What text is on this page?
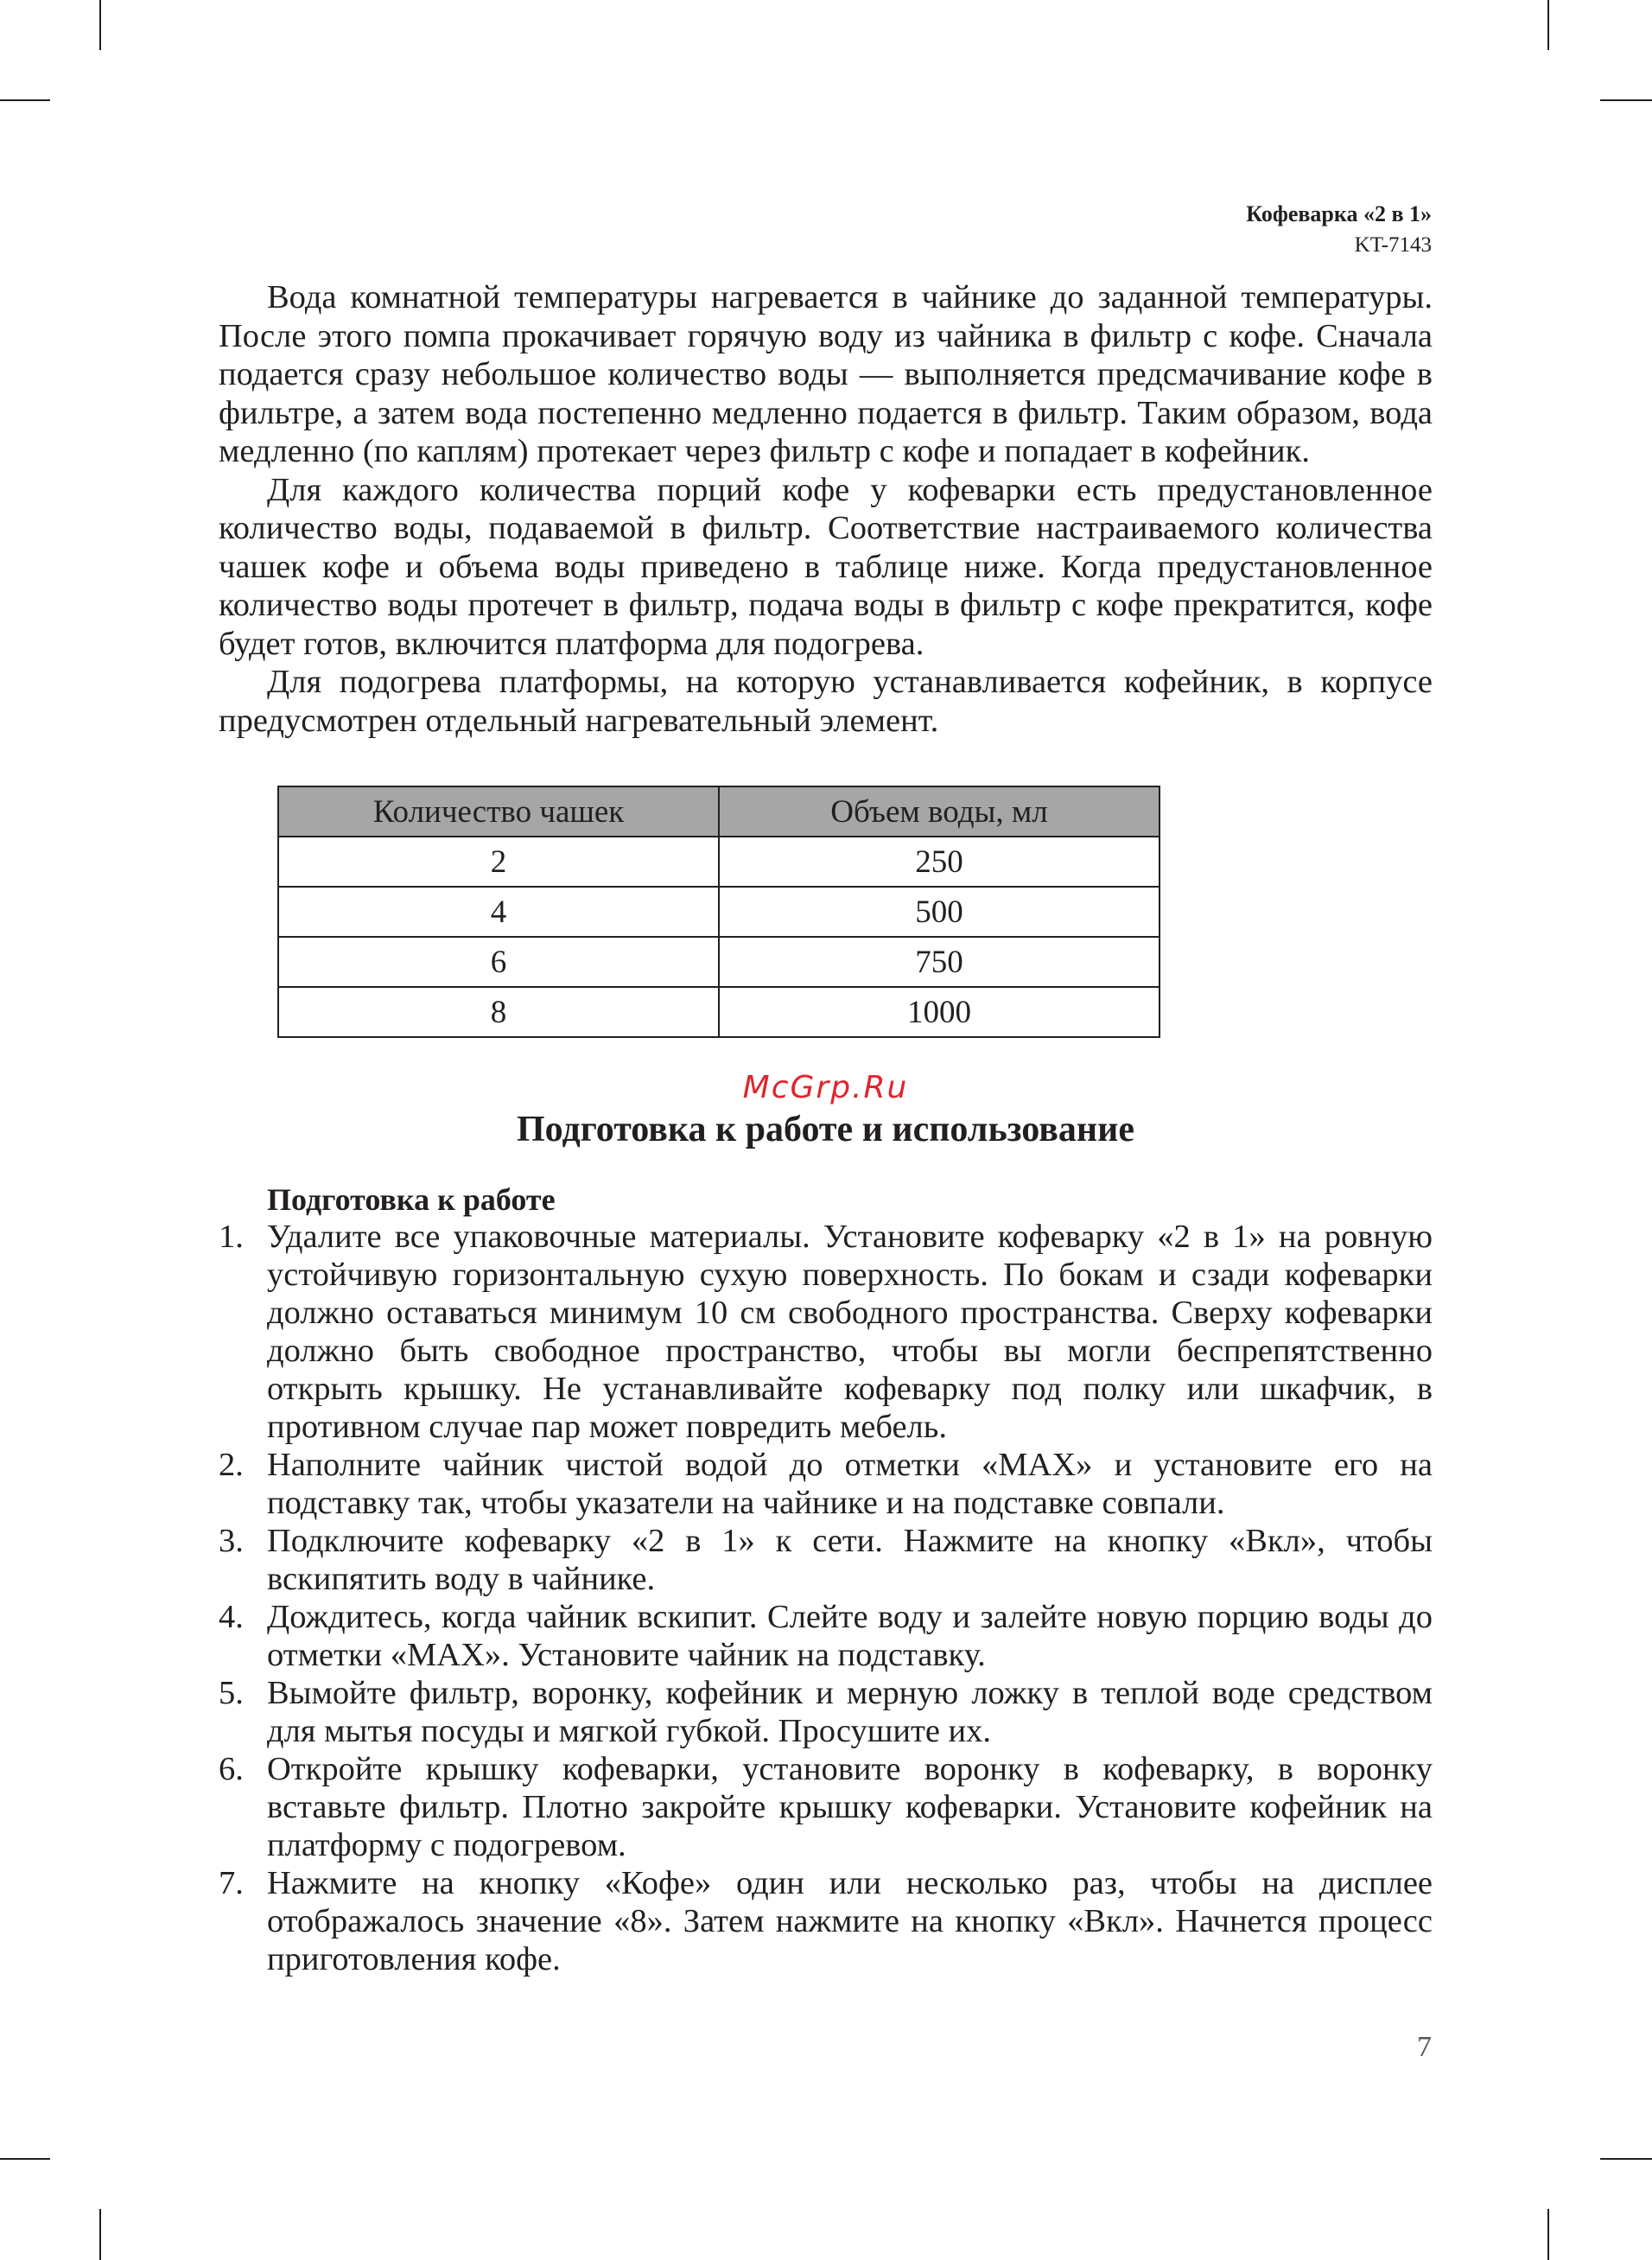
Кофеварка «2 в 1»
KT-7143

Вода комнатной температуры нагревается в чайнике до заданной температуры. После этого помпа прокачивает горячую воду из чайника в фильтр с кофе. Сначала подается сразу небольшое количество воды — выполняется предсмачивание кофе в фильтре, а затем вода постепенно медленно подается в фильтр. Таким образом, вода медленно (по каплям) протекает через фильтр с кофе и попадает в кофейник.

Для каждого количества порций кофе у кофеварки есть предустановленное количество воды, подаваемой в фильтр. Соответствие настраиваемого количества чашек кофе и объема воды приведено в таблице ниже. Когда предустановленное количество воды протечет в фильтр, подача воды в фильтр с кофе прекратится, кофе будет готов, включится платформа для подогрева.

Для подогрева платформы, на которую устанавливается кофейник, в корпусе предусмотрен отдельный нагревательный элемент.

Количество чашек	Объем воды, мл
2	250
4	500
6	750
8	1000
McGrp.Ru
Подготовка к работе и использование
Подготовка к работе
1. Удалите все упаковочные материалы. Установите кофеварку «2 в 1» на ровную устойчивую горизонтальную сухую поверхность. По бокам и сзади кофеварки должно оставаться минимум 10 см свободного пространства. Сверху кофеварки должно быть свободное пространство, чтобы вы могли беспрепятственно открыть крышку. Не устанавливайте кофеварку под полку или шкафчик, в противном случае пар может повредить мебель.
2. Наполните чайник чистой водой до отметки «MAX» и установите его на подставку так, чтобы указатели на чайнике и на подставке совпали.
3. Подключите кофеварку «2 в 1» к сети. Нажмите на кнопку «Вкл», чтобы вскипятить воду в чайнике.
4. Дождитесь, когда чайник вскипит. Слейте воду и залейте новую порцию воды до отметки «MAX». Установите чайник на подставку.
5. Вымойте фильтр, воронку, кофейник и мерную ложку в теплой воде средством для мытья посуды и мягкой губкой. Просушите их.
6. Откройте крышку кофеварки, установите воронку в кофеварку, в воронку вставьте фильтр. Плотно закройте крышку кофеварки. Установите кофейник на платформу с подогревом.
7. Нажмите на кнопку «Кофе» один или несколько раз, чтобы на дисплее отображалось значение «8». Затем нажмите на кнопку «Вкл». Начнется процесс приготовления кофе.
7
